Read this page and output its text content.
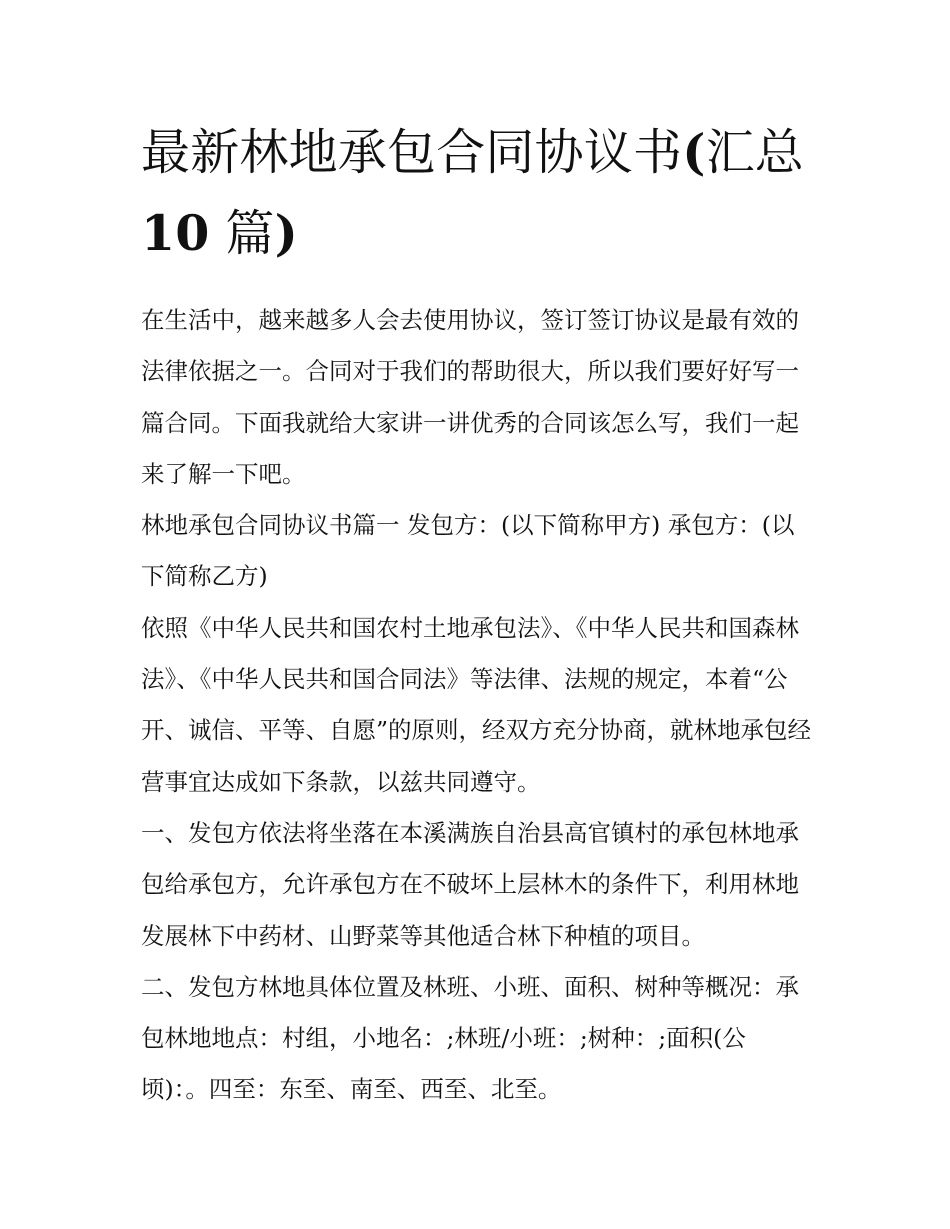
最新林地承包合同协议书(汇总10 篇)

在生活中，越来越多人会去使用协议，签订签订协议是最有效的法律依据之一。合同对于我们的帮助很大，所以我们要好好写一篇合同。下面我就给大家讲一讲优秀的合同该怎么写，我们一起来了解一下吧。

林地承包合同协议书篇一 发包方：(以下简称甲方) 承包方：(以下简称乙方)

依照《中华人民共和国农村土地承包法》、《中华人民共和国森林法》、《中华人民共和国合同法》等法律、法规的规定，本着“公开、诚信、平等、自愿”的原则，经双方充分协商，就林地承包经营事宜达成如下条款，以兹共同遵守。

一、发包方依法将坐落在本溪满族自治县高官镇村的承包林地承包给承包方，允许承包方在不破坏上层林木的条件下，利用林地发展林下中药材、山野菜等其他适合林下种植的项目。

二、发包方林地具体位置及林班、小班、面积、树种等概况：承包林地地点：村组，小地名：;林班/小班：;树种：;面积(公顷)：。四至：东至、南至、西至、北至。
